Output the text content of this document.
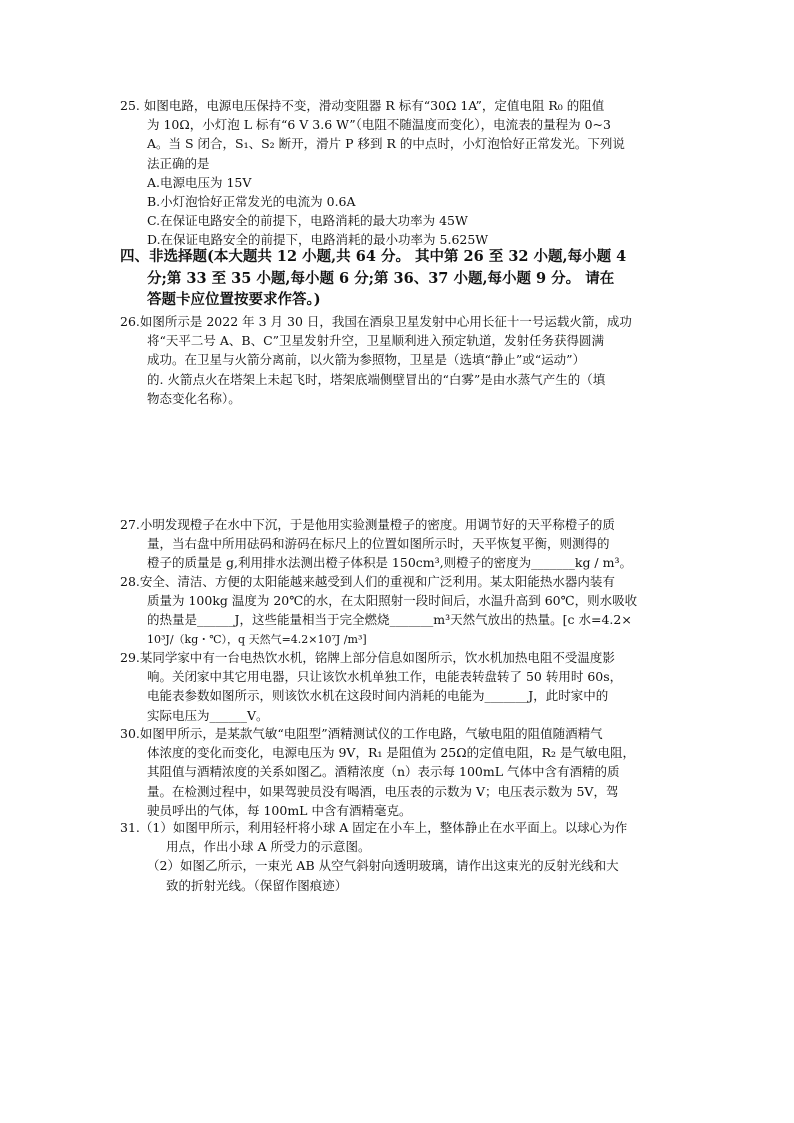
25. 如图电路，电源电压保持不变，滑动变阻器 R 标有“30Ω 1A”，定值电阻 R₀ 的阻值
为 10Ω，小灯泡 L 标有“6 V 3.6 W”（电阻不随温度而变化），电流表的量程为 0~3
A。当 S 闭合，S₁、S₂ 断开，滑片 P 移到 R 的中点时，小灯泡恰好正常发光。下列说
法正确的是
A.电源电压为 15V
B.小灯泡恰好正常发光的电流为 0.6A
C.在保证电路安全的前提下，电路消耗的最大功率为 45W
D.在保证电路安全的前提下，电路消耗的最小功率为 5.625W
四、非选择题(本大题共 12 小题,共 64 分。 其中第 26 至 32 小题,每小题 4
分;第 33 至 35 小题,每小题 6 分;第 36、37 小题,每小题 9 分。 请在
答题卡应位置按要求作答。)
26.如图所示是 2022 年 3 月 30 日，我国在酒泉卫星发射中心用长征十一号运载火箭，成功
将“天平二号 A、B、C”卫星发射升空，卫星顺利进入预定轨道，发射任务获得圆满
成功。在卫星与火箭分离前，以火箭为参照物，卫星是（选填“静止”或“运动”）
的. 火箭点火在塔架上未起飞时，塔架底端侧壁冒出的“白雾”是由水蒸气产生的（填
物态变化名称）。
27.小明发现橙子在水中下沉，于是他用实验测量橙子的密度。用调节好的天平称橙子的质
量，当右盘中所用砝码和游码在标尺上的位置如图所示时，天平恢复平衡，则测得的
橙子的质量是 g,利用排水法测出橙子体积是 150cm³,则橙子的密度为_______kg / m³。
28.安全、清洁、方便的太阳能越来越受到人们的重视和广泛利用。某太阳能热水器内装有
质量为 100kg 温度为 20℃的水，在太阳照射一段时间后，水温升高到 60℃，则水吸收
的热量是______J，这些能量相当于完全燃烧_______m³天然气放出的热量。[c 水=4.2×
10³J/（kg・℃），q 天然气=4.2×10⁷J /m³]
29.某同学家中有一台电热饮水机，铭牌上部分信息如图所示，饮水机加热电阻不受温度影
响。关闭家中其它用电器，只让该饮水机单独工作，电能表转盘转了 50 转用时 60s，
电能表参数如图所示，则该饮水机在这段时间内消耗的电能为_______J，此时家中的
实际电压为______V。
30.如图甲所示，是某款气敏“电阻型”酒精测试仪的工作电路，气敏电阻的阻值随酒精气
体浓度的变化而变化，电源电压为 9V，R₁ 是阻值为 25Ω的定值电阻，R₂ 是气敏电阻，
其阻值与酒精浓度的关系如图乙。酒精浓度（n）表示每 100mL 气体中含有酒精的质
量。在检测过程中，如果驾驶员没有喝酒，电压表的示数为 V；电压表示数为 5V，驾
驶员呼出的气体，每 100mL 中含有酒精毫克。
31.（1）如图甲所示，利用轻杆将小球 A 固定在小车上，整体静止在水平面上。以球心为作
用点，作出小球 A 所受力的示意图。
（2）如图乙所示，一束光 AB 从空气斜射向透明玻璃，请作出这束光的反射光线和大
致的折射光线。（保留作图痕迹）
